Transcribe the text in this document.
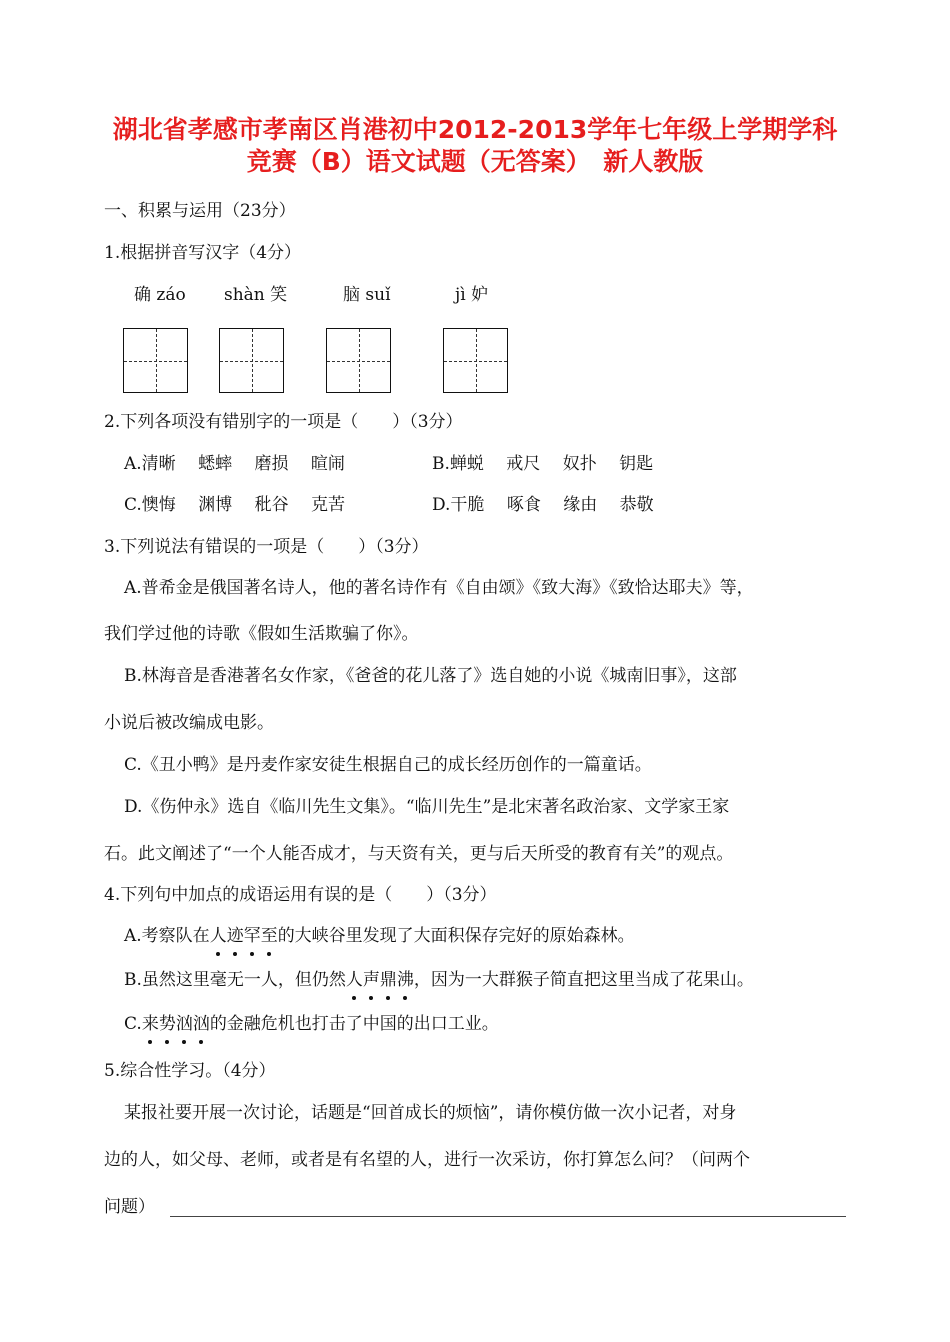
湖北省孝感市孝南区肖港初中2012-2013学年七年级上学期学科
竞赛（B）语文试题（无答案）　新人教版
一、积累与运用（23分）
1.根据拼音写汉字（4分）
确 záo shàn 笑	脑 suǐ	jì 妒
2.下列各项没有错别字的一项是（　　）（3分）
A.清晰　 蟋蟀　 磨损　 暄闹	B.蝉蜕　 戒尺　 奴扑　 钥匙
C.懊悔　 渊博　 秕谷　 克苦	D.干脆　 啄食　 缘由　 恭敬
3.下列说法有错误的一项是（　　）（3分）
A.普希金是俄国著名诗人，他的著名诗作有《自由颂》《致大海》《致恰达耶夫》等，
我们学过他的诗歌《假如生活欺骗了你》。
B.林海音是香港著名女作家，《爸爸的花儿落了》选自她的小说《城南旧事》，这部
小说后被改编成电影。
C.《丑小鸭》是丹麦作家安徒生根据自己的成长经历创作的一篇童话。
D.《伤仲永》选自《临川先生文集》。“临川先生”是北宋著名政治家、文学家王家
石。此文阐述了“一个人能否成才，与天资有关，更与后天所受的教育有关”的观点。
4.下列句中加点的成语运用有误的是（　　）（3分）
A.考察队在人迹罕至的大峡谷里发现了大面积保存完好的原始森林。
B.虽然这里毫无一人，但仍然人声鼎沸，因为一大群猴子简直把这里当成了花果山。
C.来势汹汹的金融危机也打击了中国的出口工业。
5.综合性学习。（4分）
某报社要开展一次讨论，话题是“回首成长的烦恼”，请你模仿做一次小记者，对身
边的人，如父母、老师，或者是有名望的人，进行一次采访，你打算怎么问？（问两个
问题）
